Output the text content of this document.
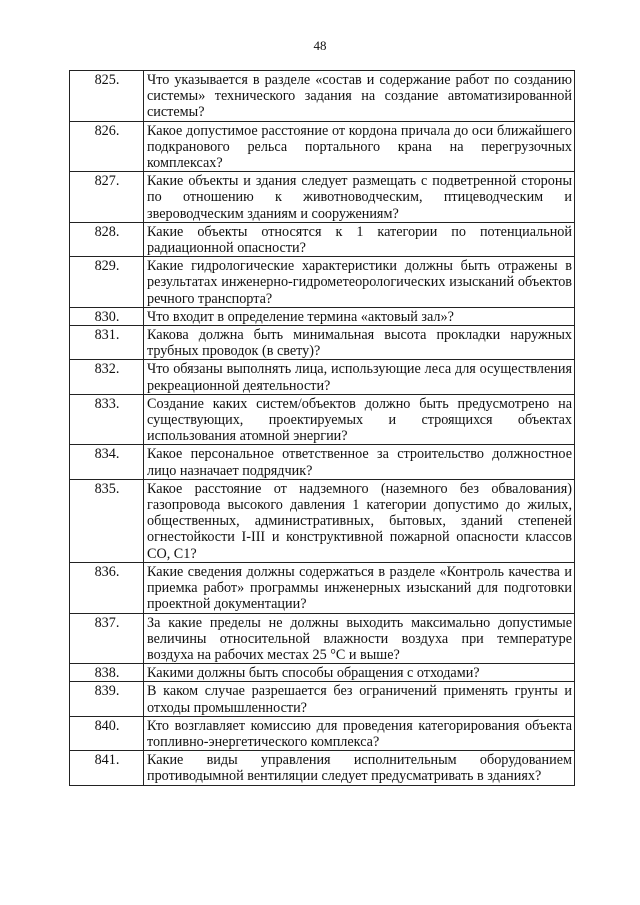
48
825.	Что указывается в разделе «состав и содержание работ по созданию системы» технического задания на создание автоматизированной системы?
826.	Какое допустимое расстояние от кордона причала до оси ближайшего подкранового рельса портального крана на перегрузочных комплексах?
827.	Какие объекты и здания следует размещать с подветренной стороны по отношению к животноводческим, птицеводческим и звероводческим зданиям и сооружениям?
828.	Какие объекты относятся к 1 категории по потенциальной радиационной опасности?
829.	Какие гидрологические характеристики должны быть отражены в результатах инженерно-гидрометеорологических изысканий объектов речного транспорта?
830.	Что входит в определение термина «актовый зал»?
831.	Какова должна быть минимальная высота прокладки наружных трубных проводок (в свету)?
832.	Что обязаны выполнять лица, использующие леса для осуществления рекреационной деятельности?
833.	Создание каких систем/объектов должно быть предусмотрено на существующих, проектируемых и строящихся объектах использования атомной энергии?
834.	Какое персональное ответственное за строительство должностное лицо назначает подрядчик?
835.	Какое расстояние от надземного (наземного без обвалования) газопровода высокого давления 1 категории допустимо до жилых, общественных, административных, бытовых, зданий степеней огнестойкости I-III и конструктивной пожарной опасности классов СО, С1?
836.	Какие сведения должны содержаться в разделе «Контроль качества и приемка работ» программы инженерных изысканий для подготовки проектной документации?
837.	За какие пределы не должны выходить максимально допустимые величины относительной влажности воздуха при температуре воздуха на рабочих местах 25 °С и выше?
838.	Какими должны быть способы обращения с отходами?
839.	В каком случае разрешается без ограничений применять грунты и отходы промышленности?
840.	Кто возглавляет комиссию для проведения категорирования объекта топливно-энергетического комплекса?
841.	Какие виды управления исполнительным оборудованием противодымной вентиляции следует предусматривать в зданиях?
